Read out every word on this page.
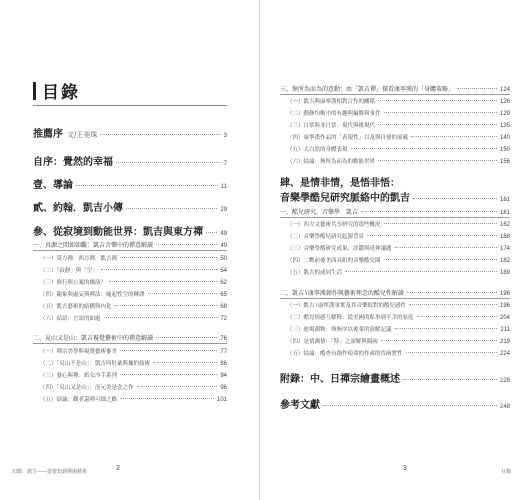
目錄
推薦序 文/王美珠	3
自序：覺然的幸福	7
壹、導論	11
貳、約翰．凱吉小傳	29
參、從寂境到動能世界：凱吉與東方禪	49
一、真源之間如如觀：凱吉音樂中的禪意解讀	49
（一）莫方禪．西方禪．凱吉禪	50
（二）「寂靜」與「空」	54
（三）修行與公案的操演？	62
（四）親象與虛妄與禪法：隨起性空的轉譯	65
（五）凱吉藝術的結構與內化	68
（六）結語：言語的如處	72
二、見山又是山：凱吉視覺藝術中的禪意解讀	76
（一）禪宗美學與視覺藝術審美	77
（二）「見山不是山」：凱吉叫牡桑與操的技術	86
（三）發心與禪：紙女冷手系列	94
（四）「見山又是山」：而元美是念之作	96
（五）結論：觀者還禪可細之路	101
幻聽．凱吉——從覺知到禪與藝術	2
三、無所為而為的意動：由「凱吉禪」探看康寧漢的「身體策略」	124
（一）凱吉與康寧漢相對合作的關係	126
（二）動靜均衡中的有趣與編舞與事件	129
（三）日常與非日常：現代與後現代	135
（四）康寧漢作品的「表現性」以及與自發的展碼	140
（五）大白然的身體表現	150
（六）結論：無所為而為的動能世界	156
肆、是情非情，是悟非悟：
音樂學酷兒研究脈絡中的凱吉	161
一、酷兒研究，音樂學．凱吉	161
（一）西方文藝術共享研究的那些概況	162
（二）音樂學酷兒研究起源背景	168
（三）音樂學酷研究成果、評鑑與延伸議題	174
（四）二戰前後美西具組的音樂酷兒圈	182
（五）凱吉的或同生活	189
二、凱吉∖康寧漢創作與藝術理念的酷兒性解讀	196
（一）凱吉∖康寧漢事實及其音樂取對的酷兒感性	196
（二）酷兒情感互解釋：從美國的私事到不幸的家庭	204
（三）進場測物：與無序以後業的演解記議	211
（四）是情測情：「特」之深解與隔兩	219
（五）結論：酷查台創作使命的作或的伐兩實性	224
附錄：中、日禪宗繪畫概述	228
參考文獻	248
3	目錄
